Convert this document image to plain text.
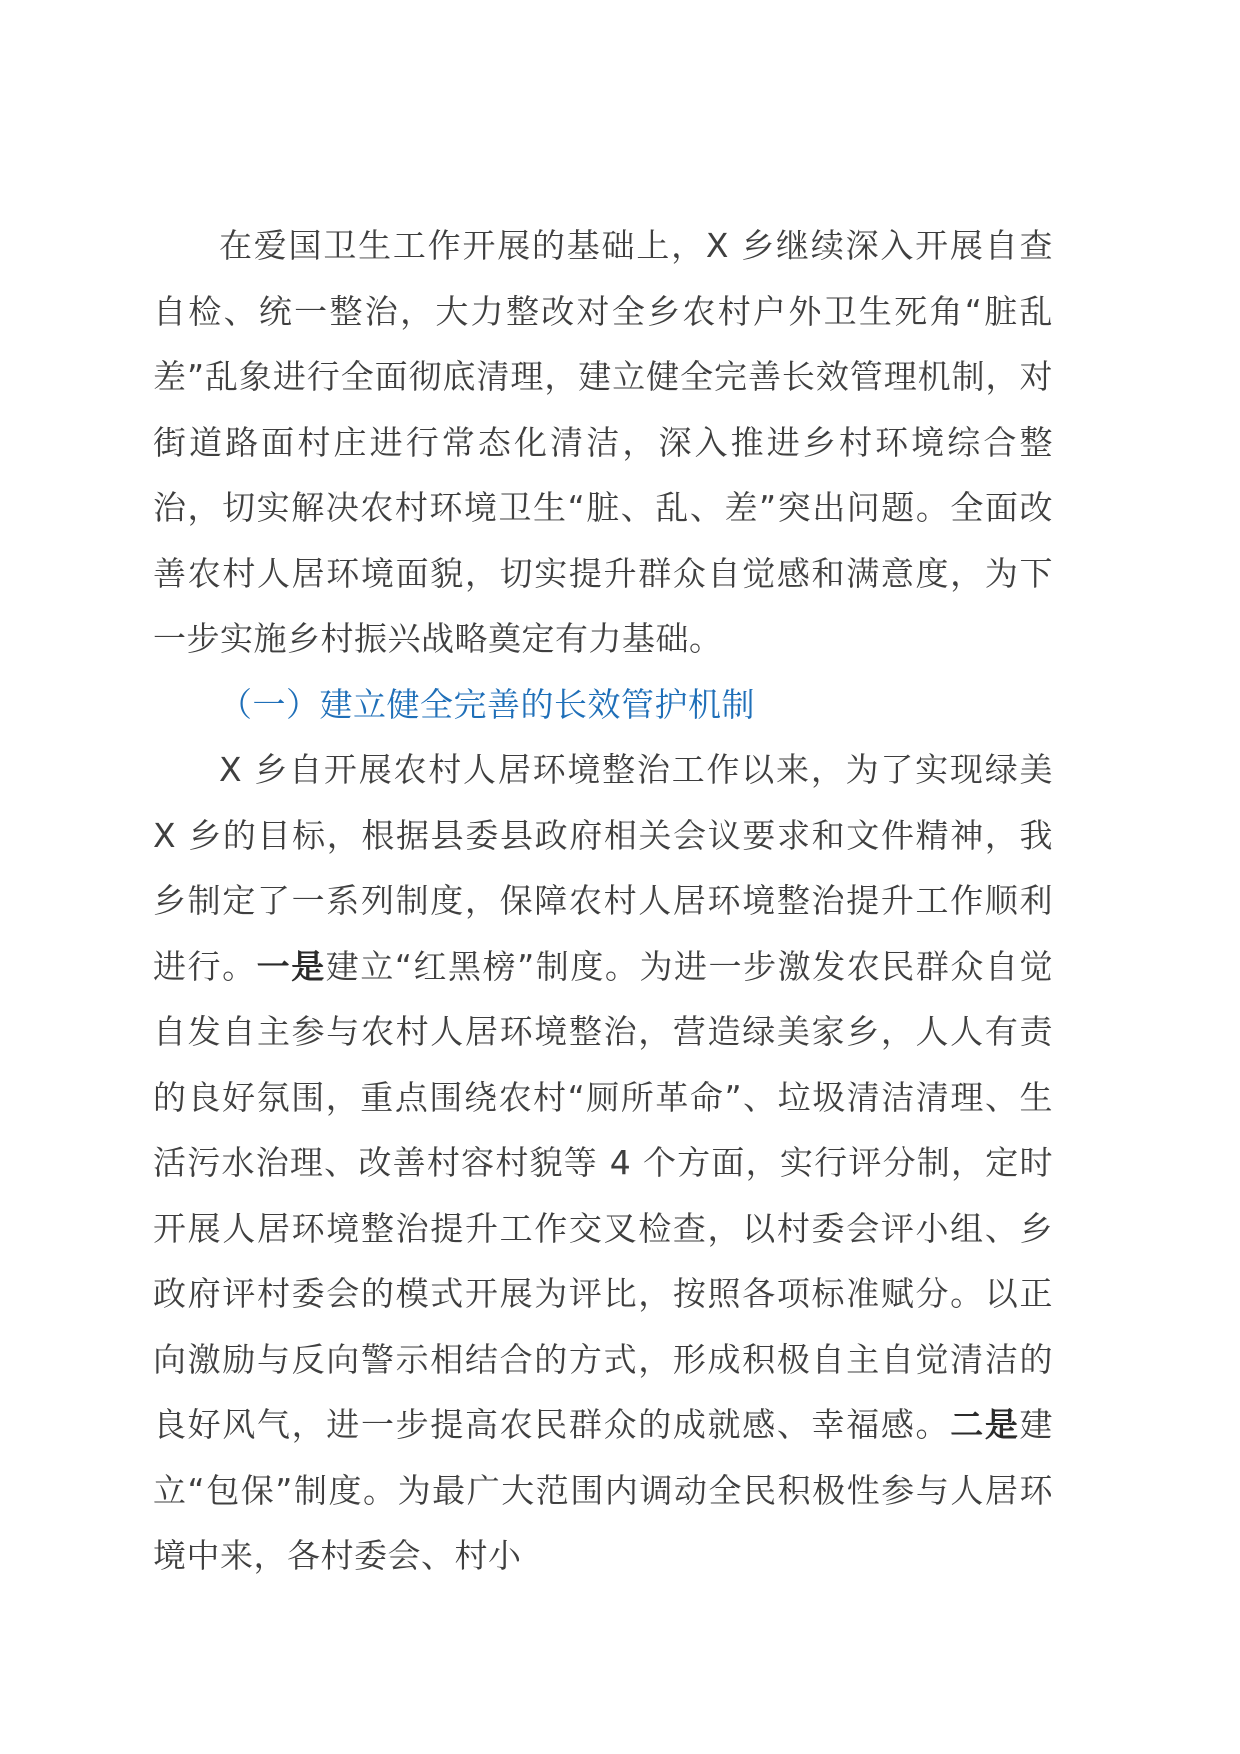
在爱国卫生工作开展的基础上，X 乡继续深入开展自查自检、统一整治，大力整改对全乡农村户外卫生死角“脏乱差”乱象进行全面彻底清理，建立健全完善长效管理机制，对街道路面村庄进行常态化清洁，深入推进乡村环境综合整治，切实解决农村环境卫生“脏、乱、差”突出问题。全面改善农村人居环境面貌，切实提升群众自觉感和满意度，为下一步实施乡村振兴战略奠定有力基础。

（一）建立健全完善的长效管护机制

X 乡自开展农村人居环境整治工作以来，为了实现绿美 X 乡的目标，根据县委县政府相关会议要求和文件精神，我乡制定了一系列制度，保障农村人居环境整治提升工作顺利进行。一是建立“红黑榜”制度。为进一步激发农民群众自觉自发自主参与农村人居环境整治，营造绿美家乡，人人有责的良好氛围，重点围绕农村“厕所革命”、垃圾清洁清理、生活污水治理、改善村容村貌等 4 个方面，实行评分制，定时开展人居环境整治提升工作交叉检查，以村委会评小组、乡政府评村委会的模式开展为评比，按照各项标准赋分。以正向激励与反向警示相结合的方式，形成积极自主自觉清洁的良好风气，进一步提高农民群众的成就感、幸福感。二是建立“包保”制度。为最广大范围内调动全民积极性参与人居环境中来，各村委会、村小
